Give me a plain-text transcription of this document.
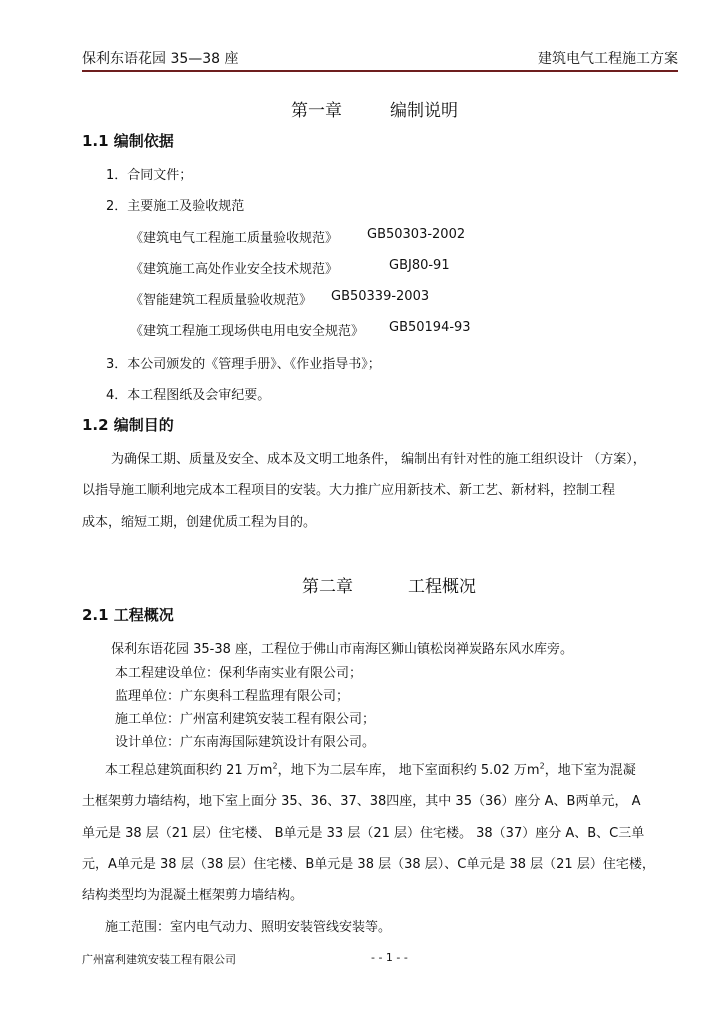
保利东语花园 35—38 座	建筑电气工程施工方案
第一章	编制说明
1.1 编制依据
1．合同文件；
2．主要施工及验收规范
《建筑电气工程施工质量验收规范》 GB50303-2002
《建筑施工高处作业安全技术规范》	GBJ80-91
《智能建筑工程质量验收规范》 GB50339-2003
《建筑工程施工现场供电用电安全规范》 GB50194-93
3．本公司颁发的《管理手册》、《作业指导书》；
4．本工程图纸及会审纪要。
1.2 编制目的
为确保工期、质量及安全、成本及文明工地条件， 编制出有针对性的施工组织设计 （方案），
以指导施工顺利地完成本工程项目的安装。大力推广应用新技术、新工艺、新材料，控制工程
成本，缩短工期，创建优质工程为目的。
第二章	工程概况
2.1 工程概况
保利东语花园 35-38 座，工程位于佛山市南海区狮山镇松岗禅炭路东风水库旁。
本工程建设单位：保利华南实业有限公司；
监理单位：广东奥科工程监理有限公司；
施工单位：广州富利建筑安装工程有限公司；
设计单位：广东南海国际建筑设计有限公司。
本工程总建筑面积约 21 万$m^2$，地下为二层车库， 地下室面积约 5.02 万$m^2$，地下室为混凝
土框架剪力墙结构，地下室上面分 35、36、37、38四座，其中 35（36）座分 A、B两单元， A
单元是 38 层（21 层）住宅楼、 B单元是 33 层（21 层）住宅楼。 38（37）座分 A、B、C三单
元，A单元是 38 层（38 层）住宅楼、B单元是 38 层（38 层）、C单元是 38 层（21 层）住宅楼，
结构类型均为混凝土框架剪力墙结构。
施工范围：室内电气动力、照明安装管线安装等。
广州富利建筑安装工程有限公司	- - 1 - -
